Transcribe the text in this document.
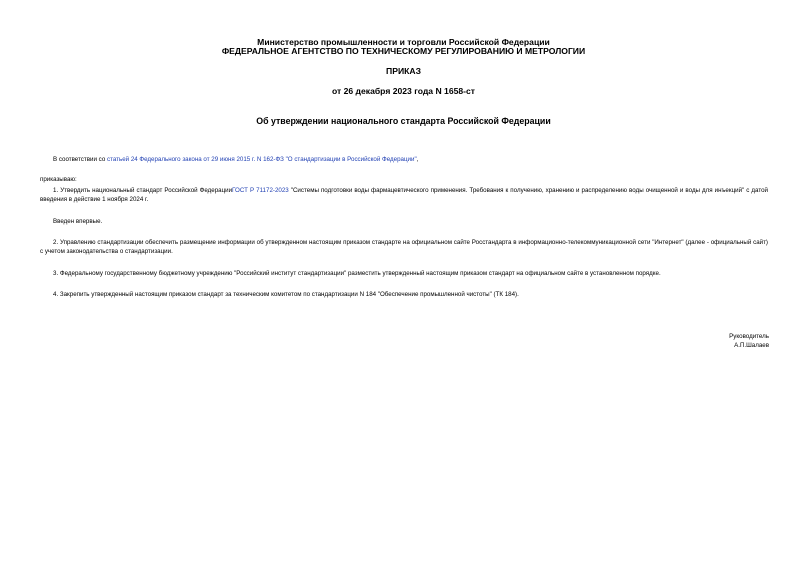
Министерство промышленности и торговли Российской Федерации
ФЕДЕРАЛЬНОЕ АГЕНТСТВО ПО ТЕХНИЧЕСКОМУ РЕГУЛИРОВАНИЮ И МЕТРОЛОГИИ
ПРИКАЗ
от 26 декабря 2023 года N 1658-ст
Об утверждении национального стандарта Российской Федерации
В соответствии со статьей 24 Федерального закона от 29 июня 2015 г. N 162-ФЗ "О стандартизации в Российской Федерации",
приказываю:
1. Утвердить национальный стандарт Российской ФедерацииГОСТ Р 71172-2023 "Системы подготовки воды фармацевтического применения. Требования к получению, хранению и распределению воды очищенной и воды для инъекций" с датой введения в действие 1 ноября 2024 г.
Введен впервые.
2. Управлению стандартизации обеспечить размещение информации об утвержденном настоящим приказом стандарте на официальном сайте Росстандарта в информационно-телекоммуникационной сети "Интернет" (далее - официальный сайт) с учетом законодательства о стандартизации.
3. Федеральному государственному бюджетному учреждению "Российский институт стандартизации" разместить утвержденный настоящим приказом стандарт на официальном сайте в установленном порядке.
4. Закрепить утвержденный настоящим приказом стандарт за техническим комитетом по стандартизации N 184 "Обеспечение промышленной чистоты" (ТК 184).
Руководитель
А.П.Шалаев
